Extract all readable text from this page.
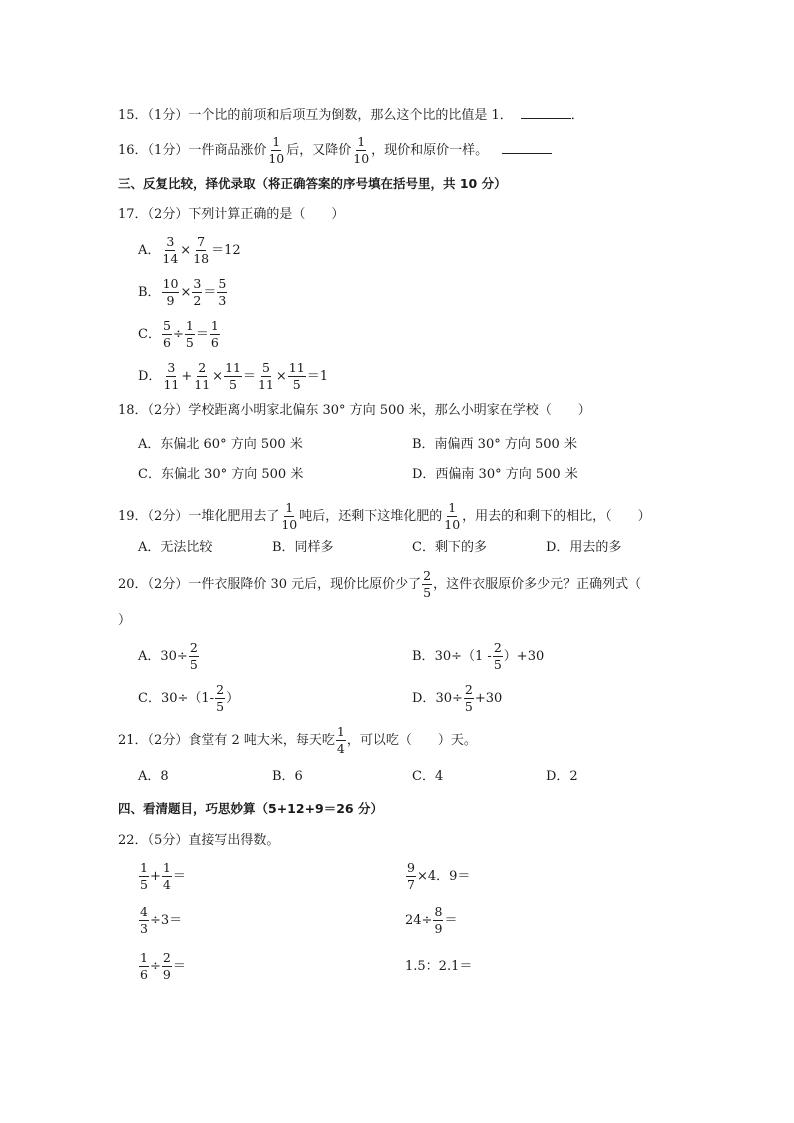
15．（1分）一个比的前项和后项互为倒数，那么这个比的比值是 1．	．
16．（1分）一件商品涨价 $\frac{1}{10}$ 后，又降价 $\frac{1}{10}$ ，现价和原价一样。
三、反复比较，择优录取（将正确答案的序号填在括号里，共 10 分）
17．（2分）下列计算正确的是（　　）
A． $\frac{3}{14} \times \frac{7}{18} =12$
B． $\frac{10}{9} \times \frac{3}{2} = \frac{5}{3}$
C． $\frac{5}{6} \div \frac{1}{5} = \frac{1}{6}$
D． $\frac{3}{11} + \frac{2}{11} \times \frac{11}{5} = \frac{5}{11} \times \frac{11}{5} =1$
18．（2分）学校距离小明家北偏东 30° 方向 500 米，那么小明家在学校（　　）
A．东偏北 60° 方向 500 米	B．南偏西 30° 方向 500 米
C．东偏北 30° 方向 500 米	D．西偏南 30° 方向 500 米
19．（2分）一堆化肥用去了 $\frac{1}{10}$ 吨后，还剩下这堆化肥的 $\frac{1}{10}$ ，用去的和剩下的相比，（　　）
A．无法比较	B．同样多	C．剩下的多	D．用去的多
20．（2分）一件衣服降价 30 元后，现价比原价少了 $\frac{2}{5}$ ，这件衣服原价多少元？正确列式（
）
A．$30\div \frac{2}{5}$	B．$30\div(1 - \frac{2}{5} )+30$
C．$30\div(1- \frac{2}{5}$ ）	D．$30\div \frac{2}{5} +30$
21．（2分）食堂有 2 吨大米，每天吃 $\frac{1}{4}$ ，可以吃（　　）天。
A．8	B．6	C．4	D．2
四、看清题目，巧思妙算（5+12+9＝26 分）
22．（5分）直接写出得数。
$\frac{1}{5} + \frac{1}{4}$ ＝	$\frac{9}{7} \times 4$．9＝
$\frac{4}{3} \div 3=$	$24\div \frac{8}{9}$ ＝
$\frac{1}{6} \div \frac{2}{9}$ ＝	1.5：2.1＝
